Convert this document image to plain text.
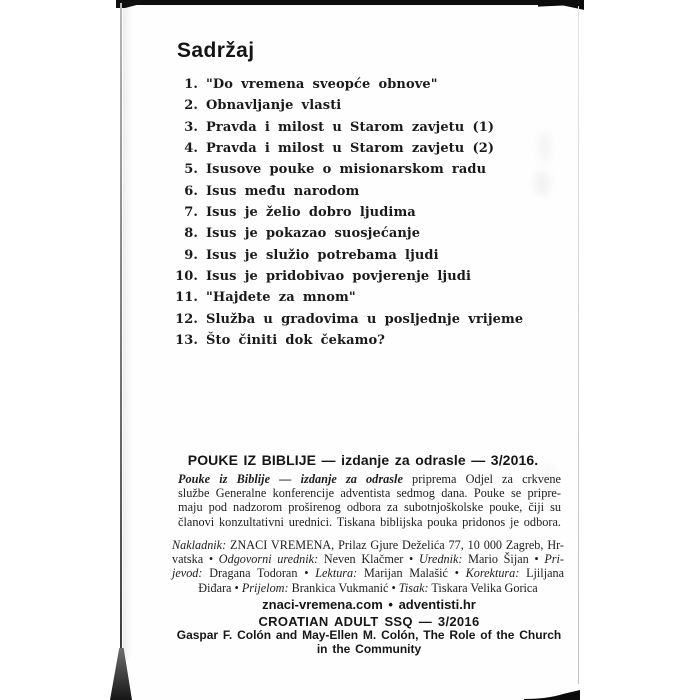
Sadržaj
1. "Do vremena sveopće obnove"
2. Obnavljanje vlasti
3. Pravda i milost u Starom zavjetu (1)
4. Pravda i milost u Starom zavjetu (2)
5. Isusove pouke o misionarskom radu
6. Isus među narodom
7. Isus je želio dobro ljudima
8. Isus je pokazao suosjećanje
9. Isus je služio potrebama ljudi
10. Isus je pridobivao povjerenje ljudi
11. "Hajdete za mnom"
12. Služba u gradovima u posljednje vrijeme
13. Što činiti dok čekamo?
POUKE IZ BIBLIJE — izdanje za odrasle — 3/2016.
Pouke iz Biblije — izdanje za odrasle priprema Odjel za crkvene
službe Generalne konferencije adventista sedmog dana. Pouke se pripre-
maju pod nadzorom proširenog odbora za subotnjoškolske pouke, čiji su
članovi konzultativni urednici. Tiskana biblijska pouka pridonos je odbora.
Nakladnik: ZNACI VREMENA, Prilaz Gjure Deželića 77, 10 000 Zagreb, Hr-
vatska • Odgovorni urednik: Neven Klačmer • Urednik: Mario Šijan • Pri-
jevod: Dragana Todoran • Lektura: Marijan Malašić • Korektura: Ljiljana
Điđara • Prijelom: Brankica Vukmanić • Tisak: Tiskara Velika Gorica
znaci-vremena.com • adventisti.hr
CROATIAN ADULT SSQ — 3/2016
Gaspar F. Colón and May-Ellen M. Colón, The Role of the Church
in the Community
